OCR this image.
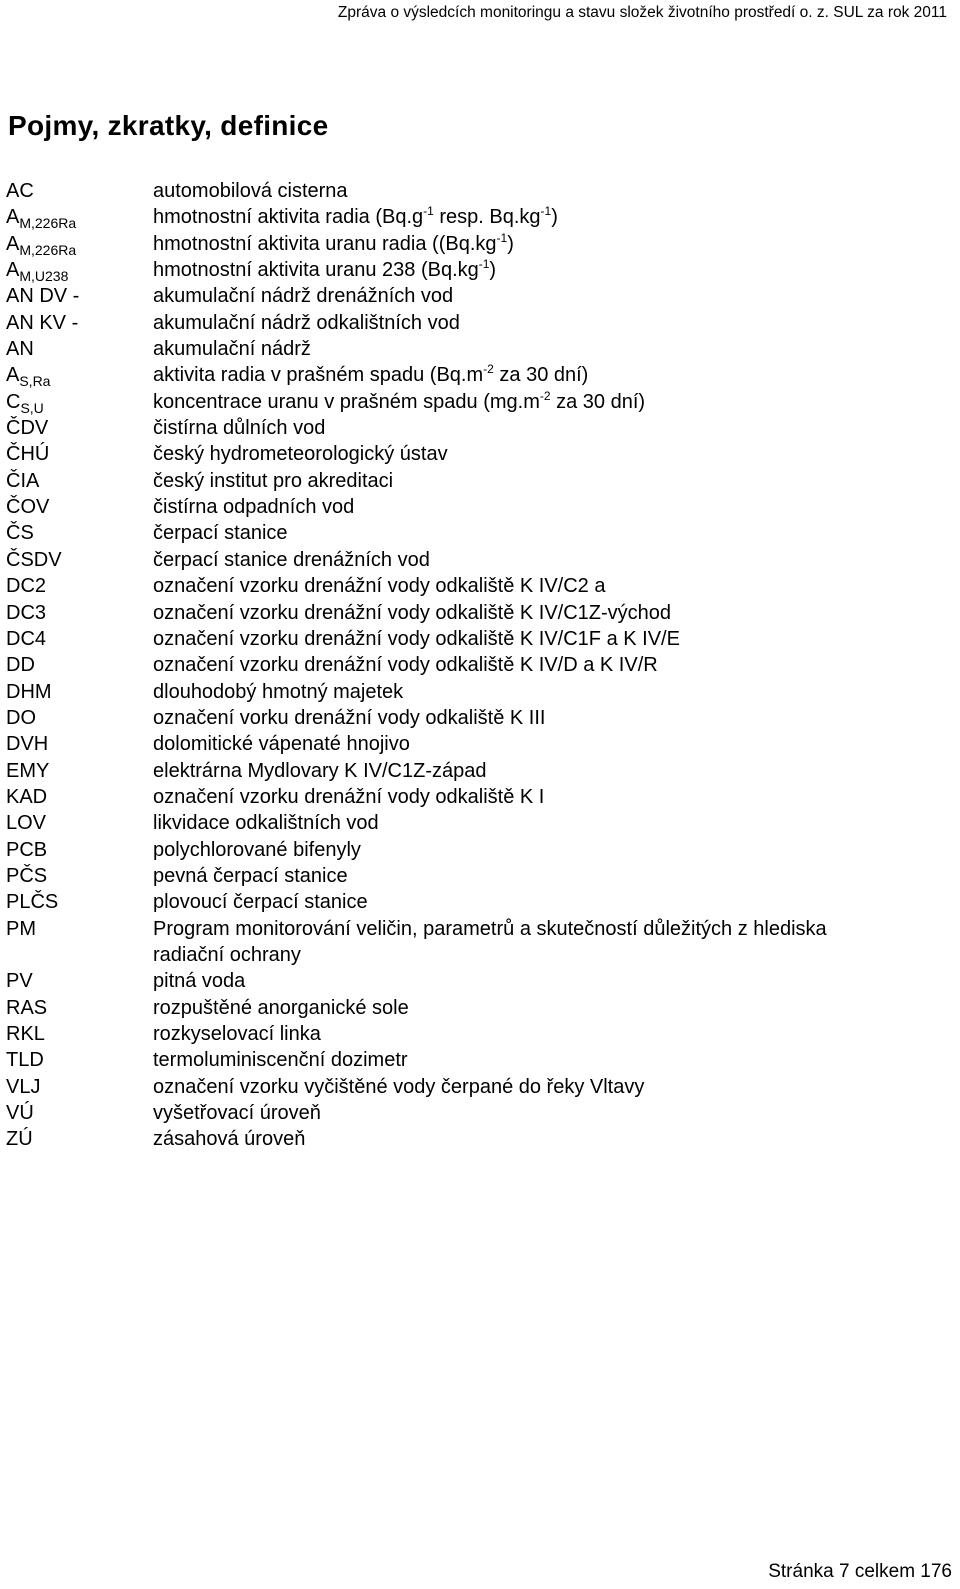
Zpráva o výsledcích monitoringu a stavu složek životního prostředí o. z. SUL za rok 2011
Pojmy, zkratky, definice
AC	automobilová cisterna
$A_{M,226Ra}$	hmotnostní aktivita radia ($Bq.g^{-1}$ resp. $Bq.kg^{-1}$)
$A_{M,226Ra}$	hmotnostní aktivita uranu radia ($(Bq.kg^{-1})$
$A_{M,U238}$	hmotnostní aktivita uranu 238 $(Bq.kg^{-1})$
AN DV -	akumulační nádrž drenážních vod
AN KV -	akumulační nádrž odkalištních vod
AN	akumulační nádrž
$A_{S,Ra}$	aktivita radia v prašném spadu ($Bq.m^{-2}$ za 30 dní)
$C_{S,U}$	koncentrace uranu v prašném spadu ($mg.m^{-2}$ za 30 dní)
ČDV	čistírna důlních vod
ČHÚ	český hydrometeorologický ústav
ČIA	český institut pro akreditaci
ČOV	čistírna odpadních vod
ČS	čerpací stanice
ČSDV	čerpací stanice drenážních vod
DC2	označení vzorku drenážní vody odkaliště K IV/C2 a
DC3	označení vzorku drenážní vody odkaliště K IV/C1Z-východ
DC4	označení vzorku drenážní vody odkaliště K IV/C1F a K IV/E
DD	označení vzorku drenážní vody odkaliště K IV/D a K IV/R
DHM	dlouhodobý hmotný majetek
DO	označení vorku drenážní vody odkaliště K III
DVH	dolomitické vápenaté hnojivo
EMY	elektrárna Mydlovary K IV/C1Z-západ
KAD	označení vzorku drenážní vody odkaliště K I
LOV	likvidace odkalištních vod
PCB	polychlorované bifenyly
PČS	pevná čerpací stanice
PLČS	plovoucí čerpací stanice
PM	Program monitorování veličin, parametrů a skutečností důležitých z hlediska radiační ochrany
PV	pitná voda
RAS	rozpuštěné anorganické sole
RKL	rozkyselovací linka
TLD	termoluminiscenční dozimetr
VLJ	označení vzorku vyčištěné vody čerpané do řeky Vltavy
VÚ	vyšetřovací úroveň
ZÚ	zásahová úroveň
Stránka 7 celkem 176
